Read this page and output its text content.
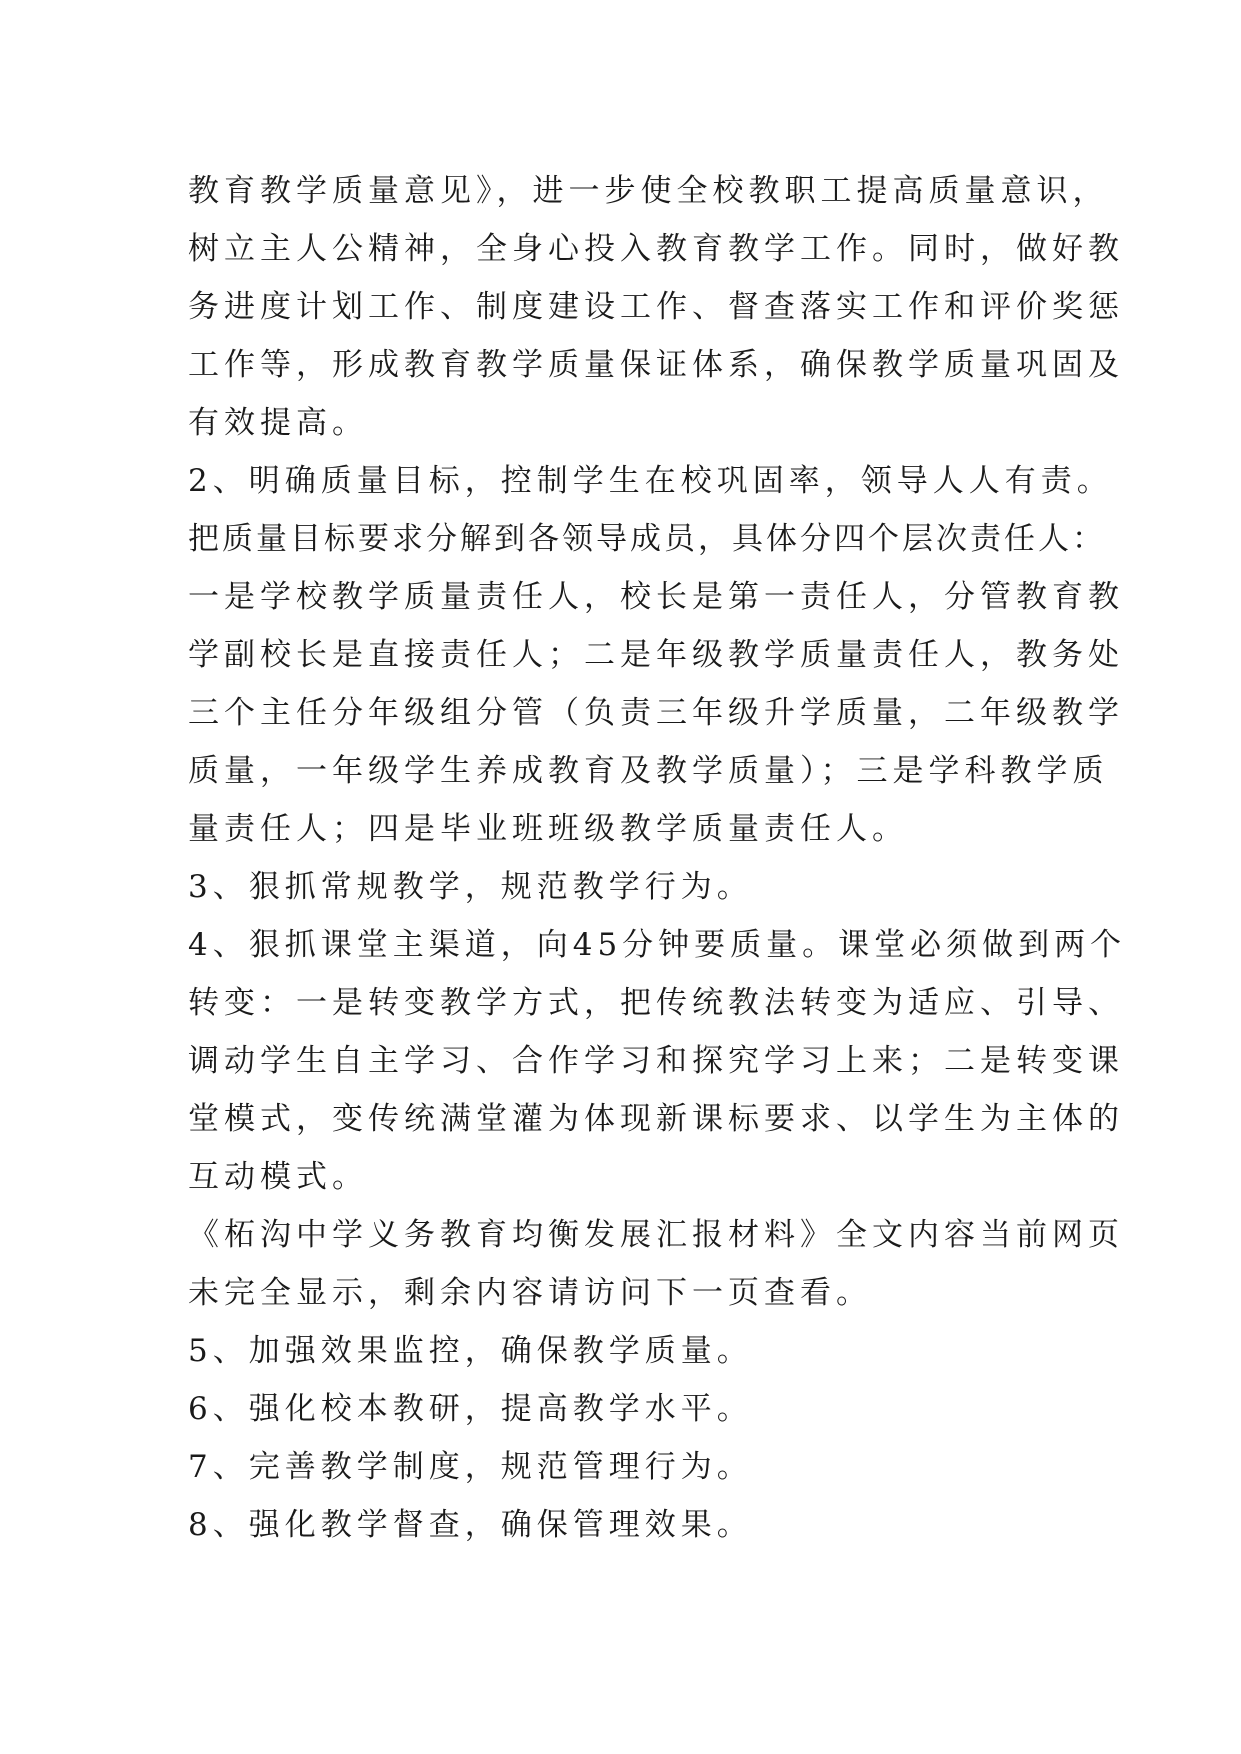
教育教学质量意见》，进一步使全校教职工提高质量意识，
树立主人公精神，全身心投入教育教学工作。同时，做好教
务进度计划工作、制度建设工作、督查落实工作和评价奖惩
工作等，形成教育教学质量保证体系，确保教学质量巩固及
有效提高。
2、明确质量目标，控制学生在校巩固率，领导人人有责。
把质量目标要求分解到各领导成员，具体分四个层次责任人：
一是学校教学质量责任人，校长是第一责任人，分管教育教
学副校长是直接责任人；二是年级教学质量责任人，教务处
三个主任分年级组分管（负责三年级升学质量，二年级教学
质量，一年级学生养成教育及教学质量）；三是学科教学质
量责任人；四是毕业班班级教学质量责任人。
3、狠抓常规教学，规范教学行为。
4、狠抓课堂主渠道，向45分钟要质量。课堂必须做到两个
转变：一是转变教学方式，把传统教法转变为适应、引导、
调动学生自主学习、合作学习和探究学习上来；二是转变课
堂模式，变传统满堂灌为体现新课标要求、以学生为主体的
互动模式。
《柘沟中学义务教育均衡发展汇报材料》全文内容当前网页
未完全显示，剩余内容请访问下一页查看。
5、加强效果监控，确保教学质量。
6、强化校本教研，提高教学水平。
7、完善教学制度，规范管理行为。
8、强化教学督查，确保管理效果。
